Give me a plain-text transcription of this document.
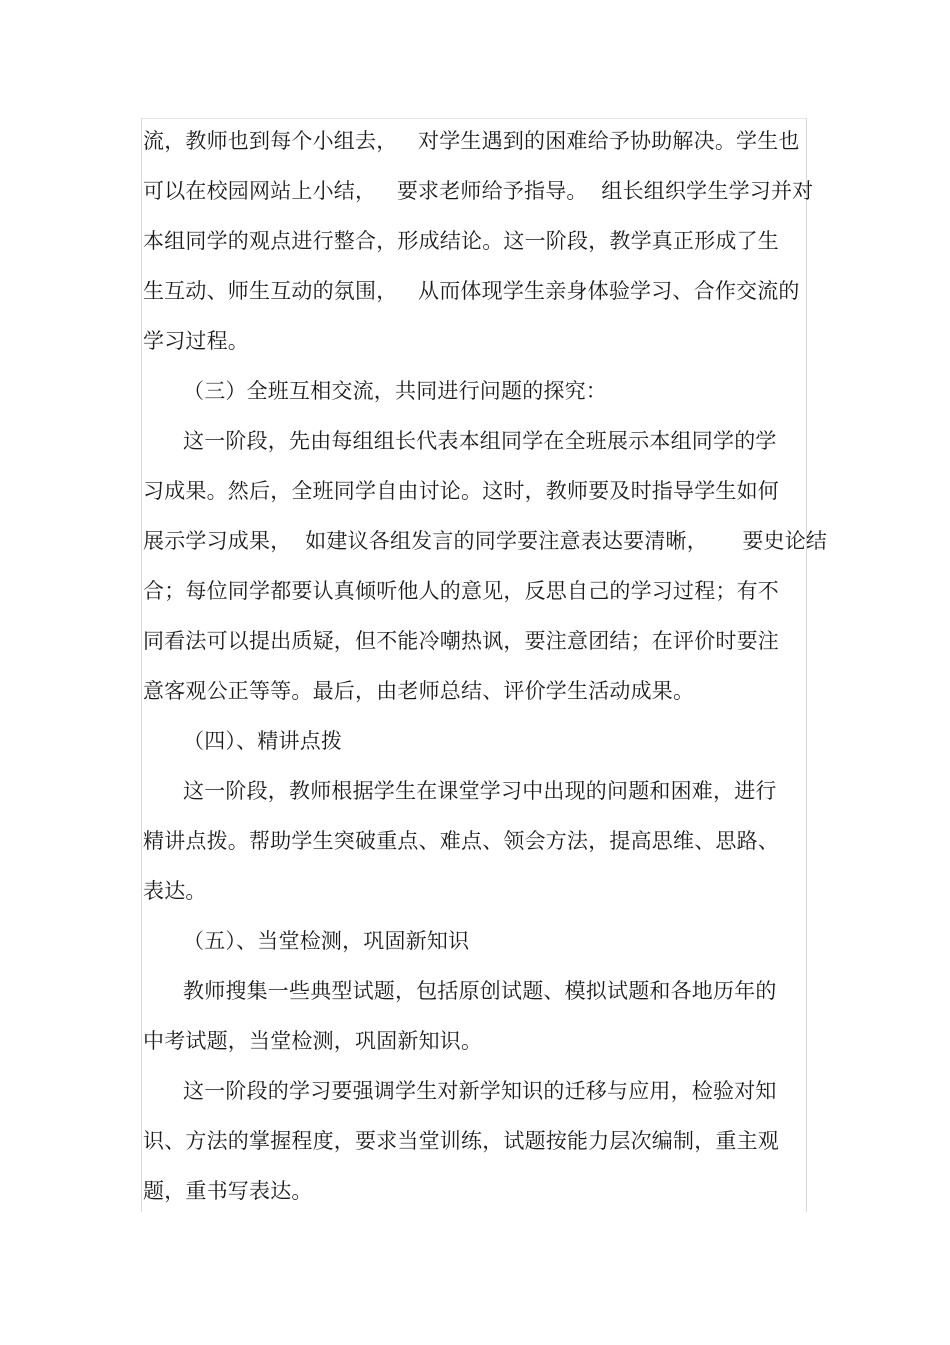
流，教师也到每个小组去，   对学生遇到的困难给予协助解决。学生也
可以在校园网站上小结，   要求老师给予指导。  组长组织学生学习并对
本组同学的观点进行整合，形成结论。这一阶段，教学真正形成了生
生互动、师生互动的氛围，   从而体现学生亲身体验学习、合作交流的
学习过程。
（三）全班互相交流，共同进行问题的探究：
这一阶段，先由每组组长代表本组同学在全班展示本组同学的学
习成果。然后，全班同学自由讨论。这时，教师要及时指导学生如何
展示学习成果，  如建议各组发言的同学要注意表达要清晰，     要史论结
合；每位同学都要认真倾听他人的意见，反思自己的学习过程；有不
同看法可以提出质疑，但不能冷嘲热讽，要注意团结；在评价时要注
意客观公正等等。最后，由老师总结、评价学生活动成果。
（四）、精讲点拨
这一阶段，教师根据学生在课堂学习中出现的问题和困难，进行
精讲点拨。帮助学生突破重点、难点、领会方法，提高思维、思路、
表达。
（五）、当堂检测，巩固新知识
教师搜集一些典型试题，包括原创试题、模拟试题和各地历年的
中考试题，当堂检测，巩固新知识。
这一阶段的学习要强调学生对新学知识的迁移与应用，检验对知
识、方法的掌握程度，要求当堂训练，试题按能力层次编制，重主观
题，重书写表达。
